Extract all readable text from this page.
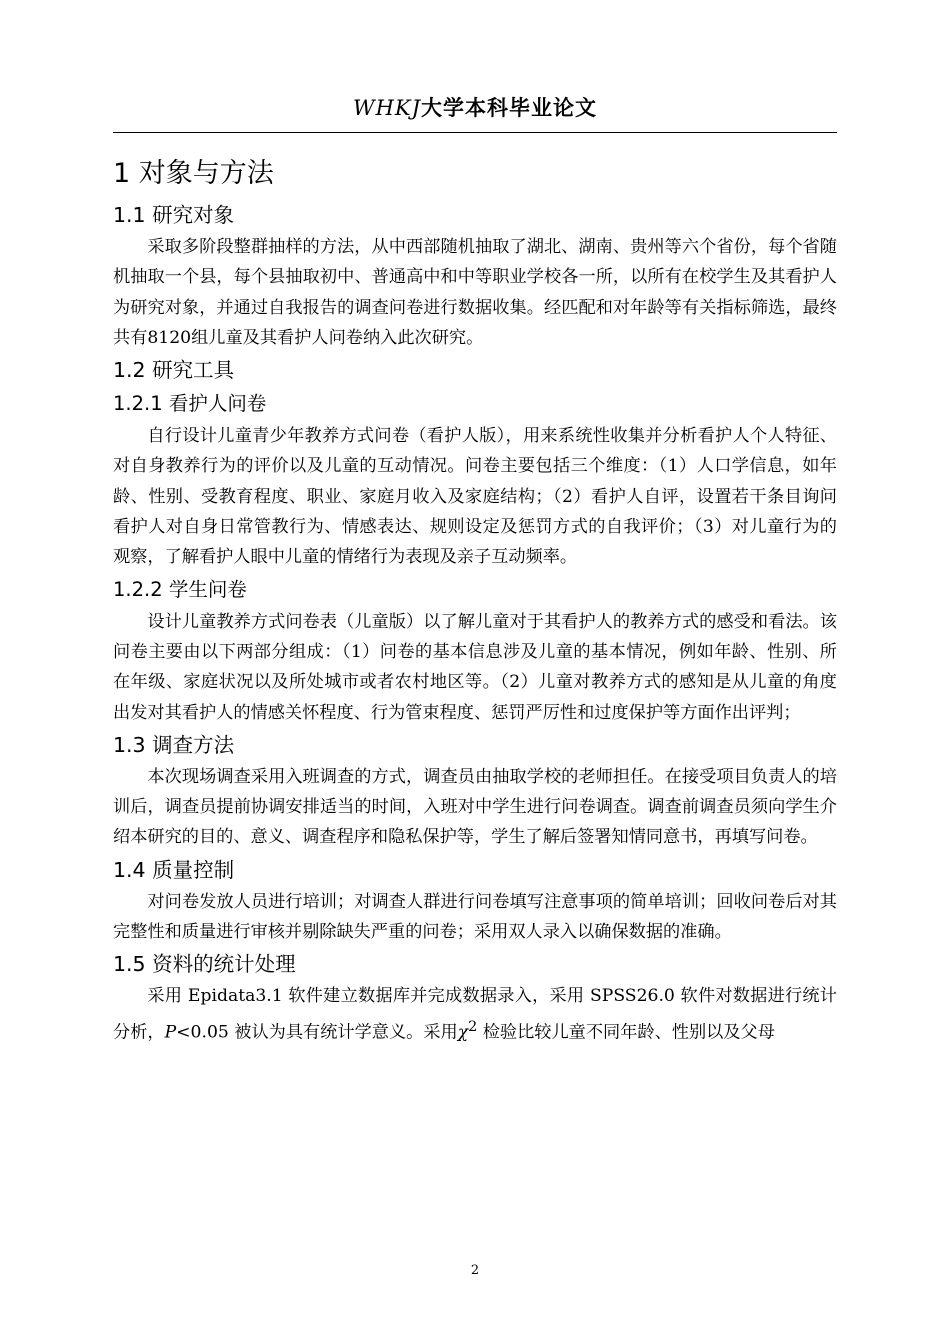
WHKJ大学本科毕业论文
1 对象与方法
1.1 研究对象

采取多阶段整群抽样的方法，从中西部随机抽取了湖北、湖南、贵州等六个省份，每个省随机抽取一个县，每个县抽取初中、普通高中和中等职业学校各一所，以所有在校学生及其看护人为研究对象，并通过自我报告的调查问卷进行数据收集。经匹配和对年龄等有关指标筛选，最终共有8120组儿童及其看护人问卷纳入此次研究。

1.2 研究工具
1.2.1 看护人问卷

自行设计儿童青少年教养方式问卷（看护人版），用来系统性收集并分析看护人个人特征、对自身教养行为的评价以及儿童的互动情况。问卷主要包括三个维度：（1）人口学信息，如年龄、性别、受教育程度、职业、家庭月收入及家庭结构；（2）看护人自评，设置若干条目询问看护人对自身日常管教行为、情感表达、规则设定及惩罚方式的自我评价；（3）对儿童行为的观察，了解看护人眼中儿童的情绪行为表现及亲子互动频率。

1.2.2 学生问卷

设计儿童教养方式问卷表（儿童版）以了解儿童对于其看护人的教养方式的感受和看法。该问卷主要由以下两部分组成：（1）问卷的基本信息涉及儿童的基本情况，例如年龄、性别、所在年级、家庭状况以及所处城市或者农村地区等。（2）儿童对教养方式的感知是从儿童的角度出发对其看护人的情感关怀程度、行为管束程度、惩罚严厉性和过度保护等方面作出评判；

1.3 调查方法

本次现场调查采用入班调查的方式，调查员由抽取学校的老师担任。在接受项目负责人的培训后，调查员提前协调安排适当的时间，入班对中学生进行问卷调查。调查前调查员须向学生介绍本研究的目的、意义、调查程序和隐私保护等，学生了解后签署知情同意书，再填写问卷。

1.4 质量控制

对问卷发放人员进行培训；对调查人群进行问卷填写注意事项的简单培训；回收问卷后对其完整性和质量进行审核并剔除缺失严重的问卷；采用双人录入以确保数据的准确。

1.5 资料的统计处理

采用 Epidata3.1 软件建立数据库并完成数据录入，采用 SPSS26.0 软件对数据进行统计分析，P<0.05 被认为具有统计学意义。采用$\chi^2$ 检验比较儿童不同年龄、性别以及父母

2
